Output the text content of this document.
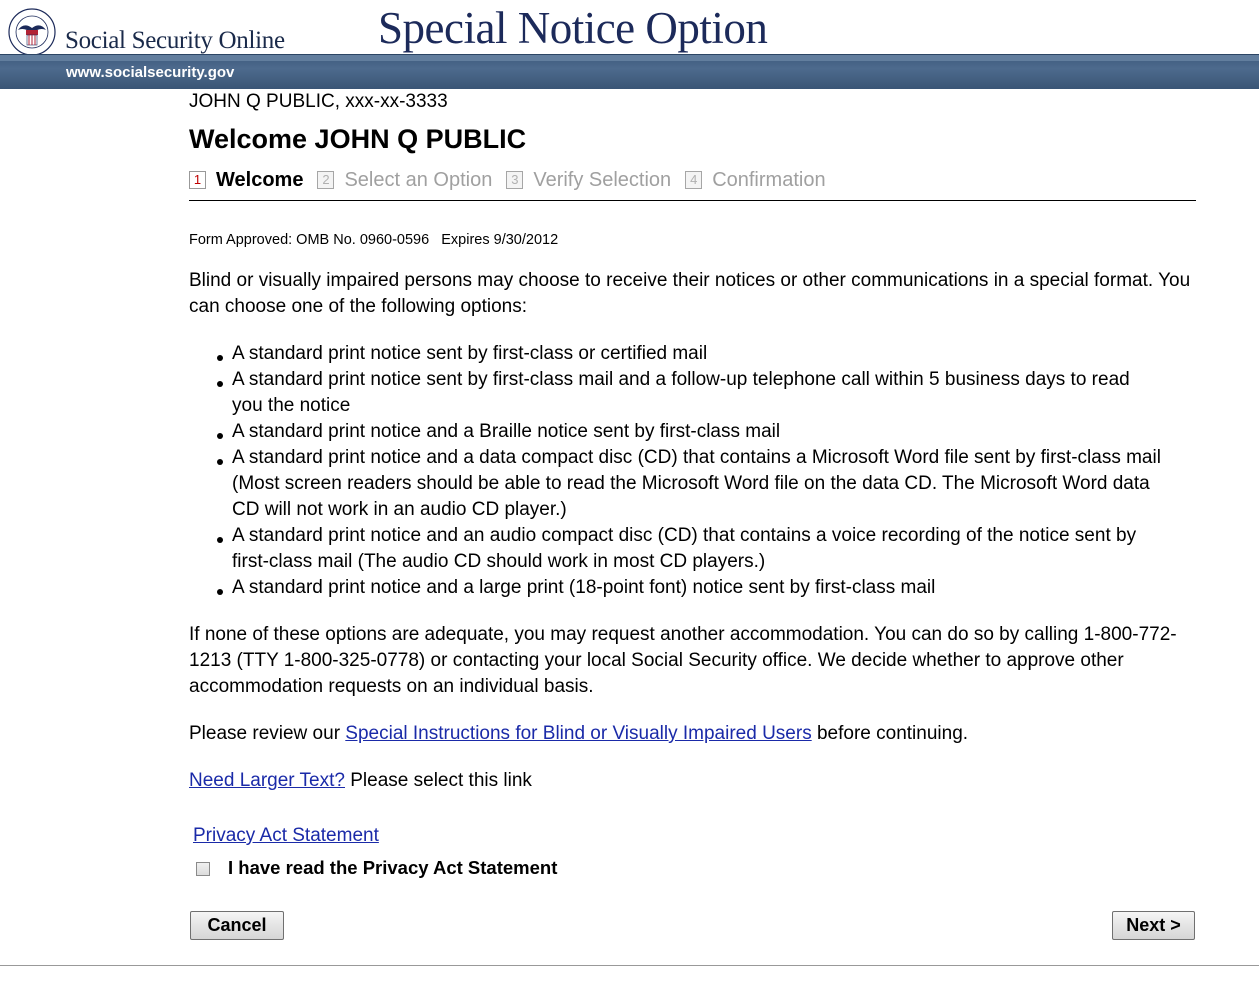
Social Security Online Special Notice Option
www.socialsecurity.gov
JOHN Q PUBLIC, xxx-xx-3333
Welcome JOHN Q PUBLIC
1 Welcome	2 Select an Option	3 Verify Selection	4 Confirmation
Form Approved: OMB No. 0960-0596   Expires 9/30/2012
Blind or visually impaired persons may choose to receive their notices or other communications in a special format. You can choose one of the following options:
A standard print notice sent by first-class or certified mail
A standard print notice sent by first-class mail and a follow-up telephone call within 5 business days to read you the notice
A standard print notice and a Braille notice sent by first-class mail
A standard print notice and a data compact disc (CD) that contains a Microsoft Word file sent by first-class mail (Most screen readers should be able to read the Microsoft Word file on the data CD. The Microsoft Word data CD will not work in an audio CD player.)
A standard print notice and an audio compact disc (CD) that contains a voice recording of the notice sent by first-class mail (The audio CD should work in most CD players.)
A standard print notice and a large print (18-point font) notice sent by first-class mail
If none of these options are adequate, you may request another accommodation. You can do so by calling 1-800-772-1213 (TTY 1-800-325-0778) or contacting your local Social Security office. We decide whether to approve other accommodation requests on an individual basis.
Please review our Special Instructions for Blind or Visually Impaired Users before continuing.
Need Larger Text? Please select this link
Privacy Act Statement
I have read the Privacy Act Statement
Cancel	Next >
